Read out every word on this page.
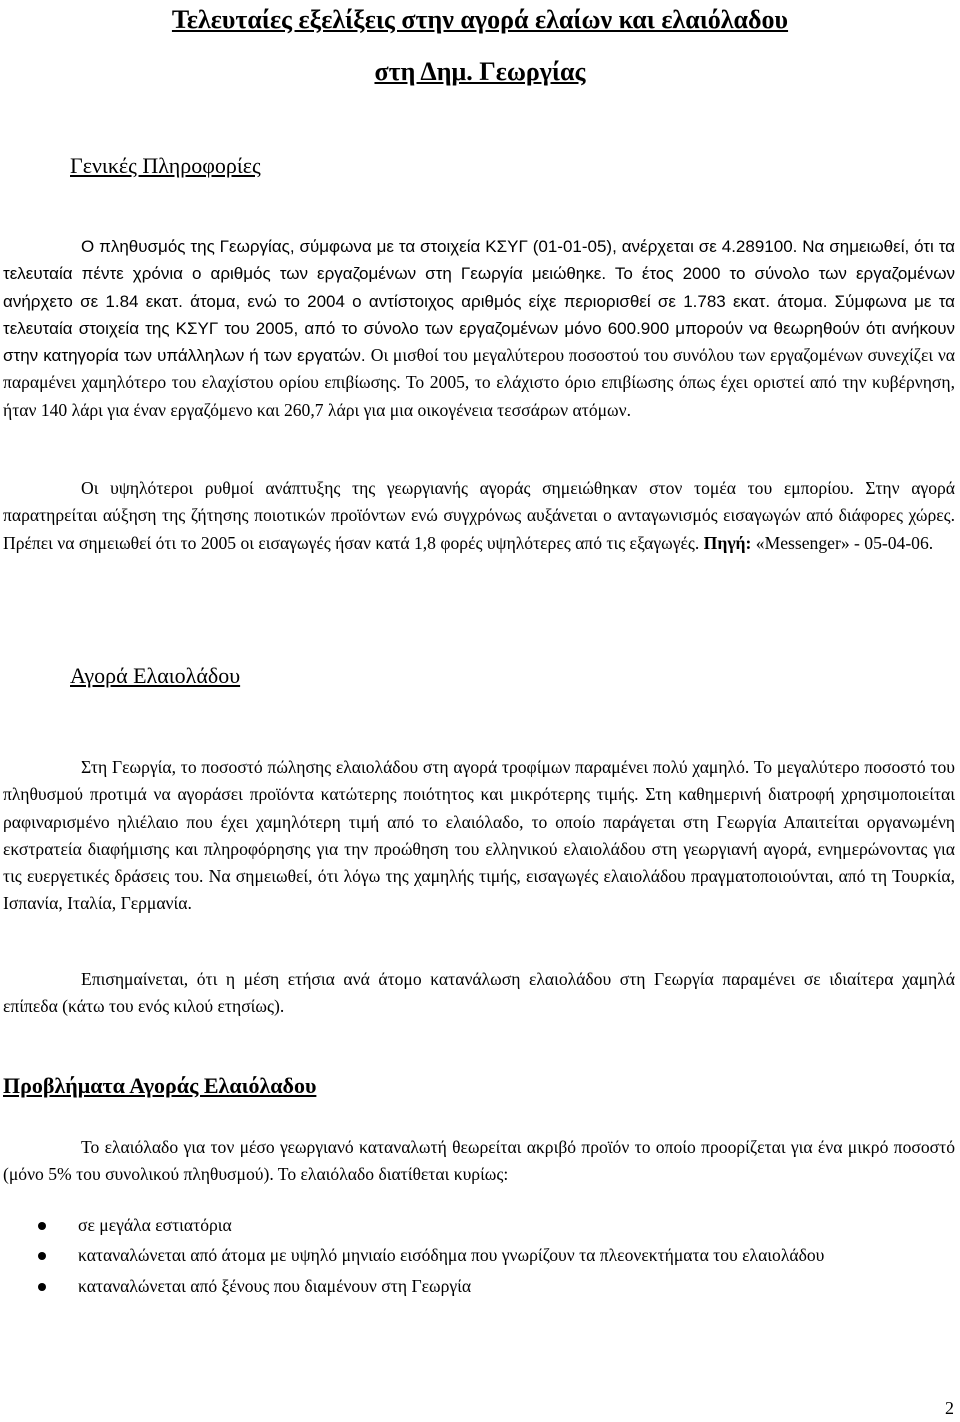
Τελευταίες εξελίξεις στην αγορά ελαίων και ελαιόλαδου
στη Δημ. Γεωργίας
Γενικές Πληροφορίες

Ο πληθυσμός της Γεωργίας, σύμφωνα με τα στοιχεία ΚΣΥΓ (01-01-05), ανέρχεται σε 4.289100. Να σημειωθεί, ότι τα τελευταία πέντε χρόνια ο αριθμός των εργαζομένων στη Γεωργία μειώθηκε. Το έτος 2000 το σύνολο των εργαζομένων ανήρχετο σε 1.84 εκατ. άτομα, ενώ το 2004 ο αντίστοιχος αριθμός είχε περιορισθεί σε 1.783 εκατ. άτομα. Σύμφωνα με τα τελευταία στοιχεία της ΚΣΥΓ του 2005, από το σύνολο των εργαζομένων μόνο 600.900 μπορούν να θεωρηθούν ότι ανήκουν στην κατηγορία των υπάλληλων ή των εργατών. Οι μισθοί του μεγαλύτερου ποσοστού του συνόλου των εργαζομένων συνεχίζει να παραμένει χαμηλότερο του ελαχίστου ορίου επιβίωσης. Το 2005, το ελάχιστο όριο επιβίωσης όπως έχει οριστεί από την κυβέρνηση, ήταν 140 λάρι για έναν εργαζόμενο και 260,7 λάρι για μια οικογένεια τεσσάρων ατόμων.

Οι υψηλότεροι ρυθμοί ανάπτυξης της γεωργιανής αγοράς σημειώθηκαν στον τομέα του εμπορίου. Στην αγορά παρατηρείται αύξηση της ζήτησης ποιοτικών προϊόντων ενώ συγχρόνως αυξάνεται ο ανταγωνισμός εισαγωγών από διάφορες χώρες. Πρέπει να σημειωθεί ότι το 2005 οι εισαγωγές ήσαν κατά 1,8 φορές υψηλότερες από τις εξαγωγές. Πηγή: «Messenger» - 05-04-06.

Αγορά Ελαιολάδου

Στη Γεωργία, το ποσοστό πώλησης ελαιολάδου στη αγορά τροφίμων παραμένει πολύ χαμηλό. Το μεγαλύτερο ποσοστό του πληθυσμού προτιμά να αγοράσει προϊόντα κατώτερης ποιότητος και μικρότερης τιμής. Στη καθημερινή διατροφή χρησιμοποιείται ραφιναρισμένο ηλιέλαιο που έχει χαμηλότερη τιμή από το ελαιόλαδο, το οποίο παράγεται στη Γεωργία Απαιτείται οργανωμένη εκστρατεία διαφήμισης και πληροφόρησης για την προώθηση του ελληνικού ελαιολάδου στη γεωργιανή αγορά, ενημερώνοντας για τις ευεργετικές δράσεις του. Να σημειωθεί, ότι λόγω της χαμηλής τιμής, εισαγωγές ελαιολάδου πραγματοποιούνται, από τη Τουρκία, Ισπανία, Ιταλία, Γερμανία.

Επισημαίνεται, ότι η μέση ετήσια ανά άτομο κατανάλωση ελαιολάδου στη Γεωργία παραμένει σε ιδιαίτερα χαμηλά επίπεδα (κάτω του ενός κιλού ετησίως).

Προβλήματα Αγοράς Ελαιόλαδου

Το ελαιόλαδο για τον μέσο γεωργιανό καταναλωτή θεωρείται ακριβό προϊόν το οποίο προορίζεται για ένα μικρό ποσοστό (μόνο 5% του συνολικού πληθυσμού). Το ελαιόλαδο διατίθεται κυρίως:

σε μεγάλα εστιατόρια
καταναλώνεται από άτομα με υψηλό μηνιαίο εισόδημα που γνωρίζουν τα πλεονεκτήματα του ελαιολάδου
καταναλώνεται από ξένους που διαμένουν στη Γεωργία
2
